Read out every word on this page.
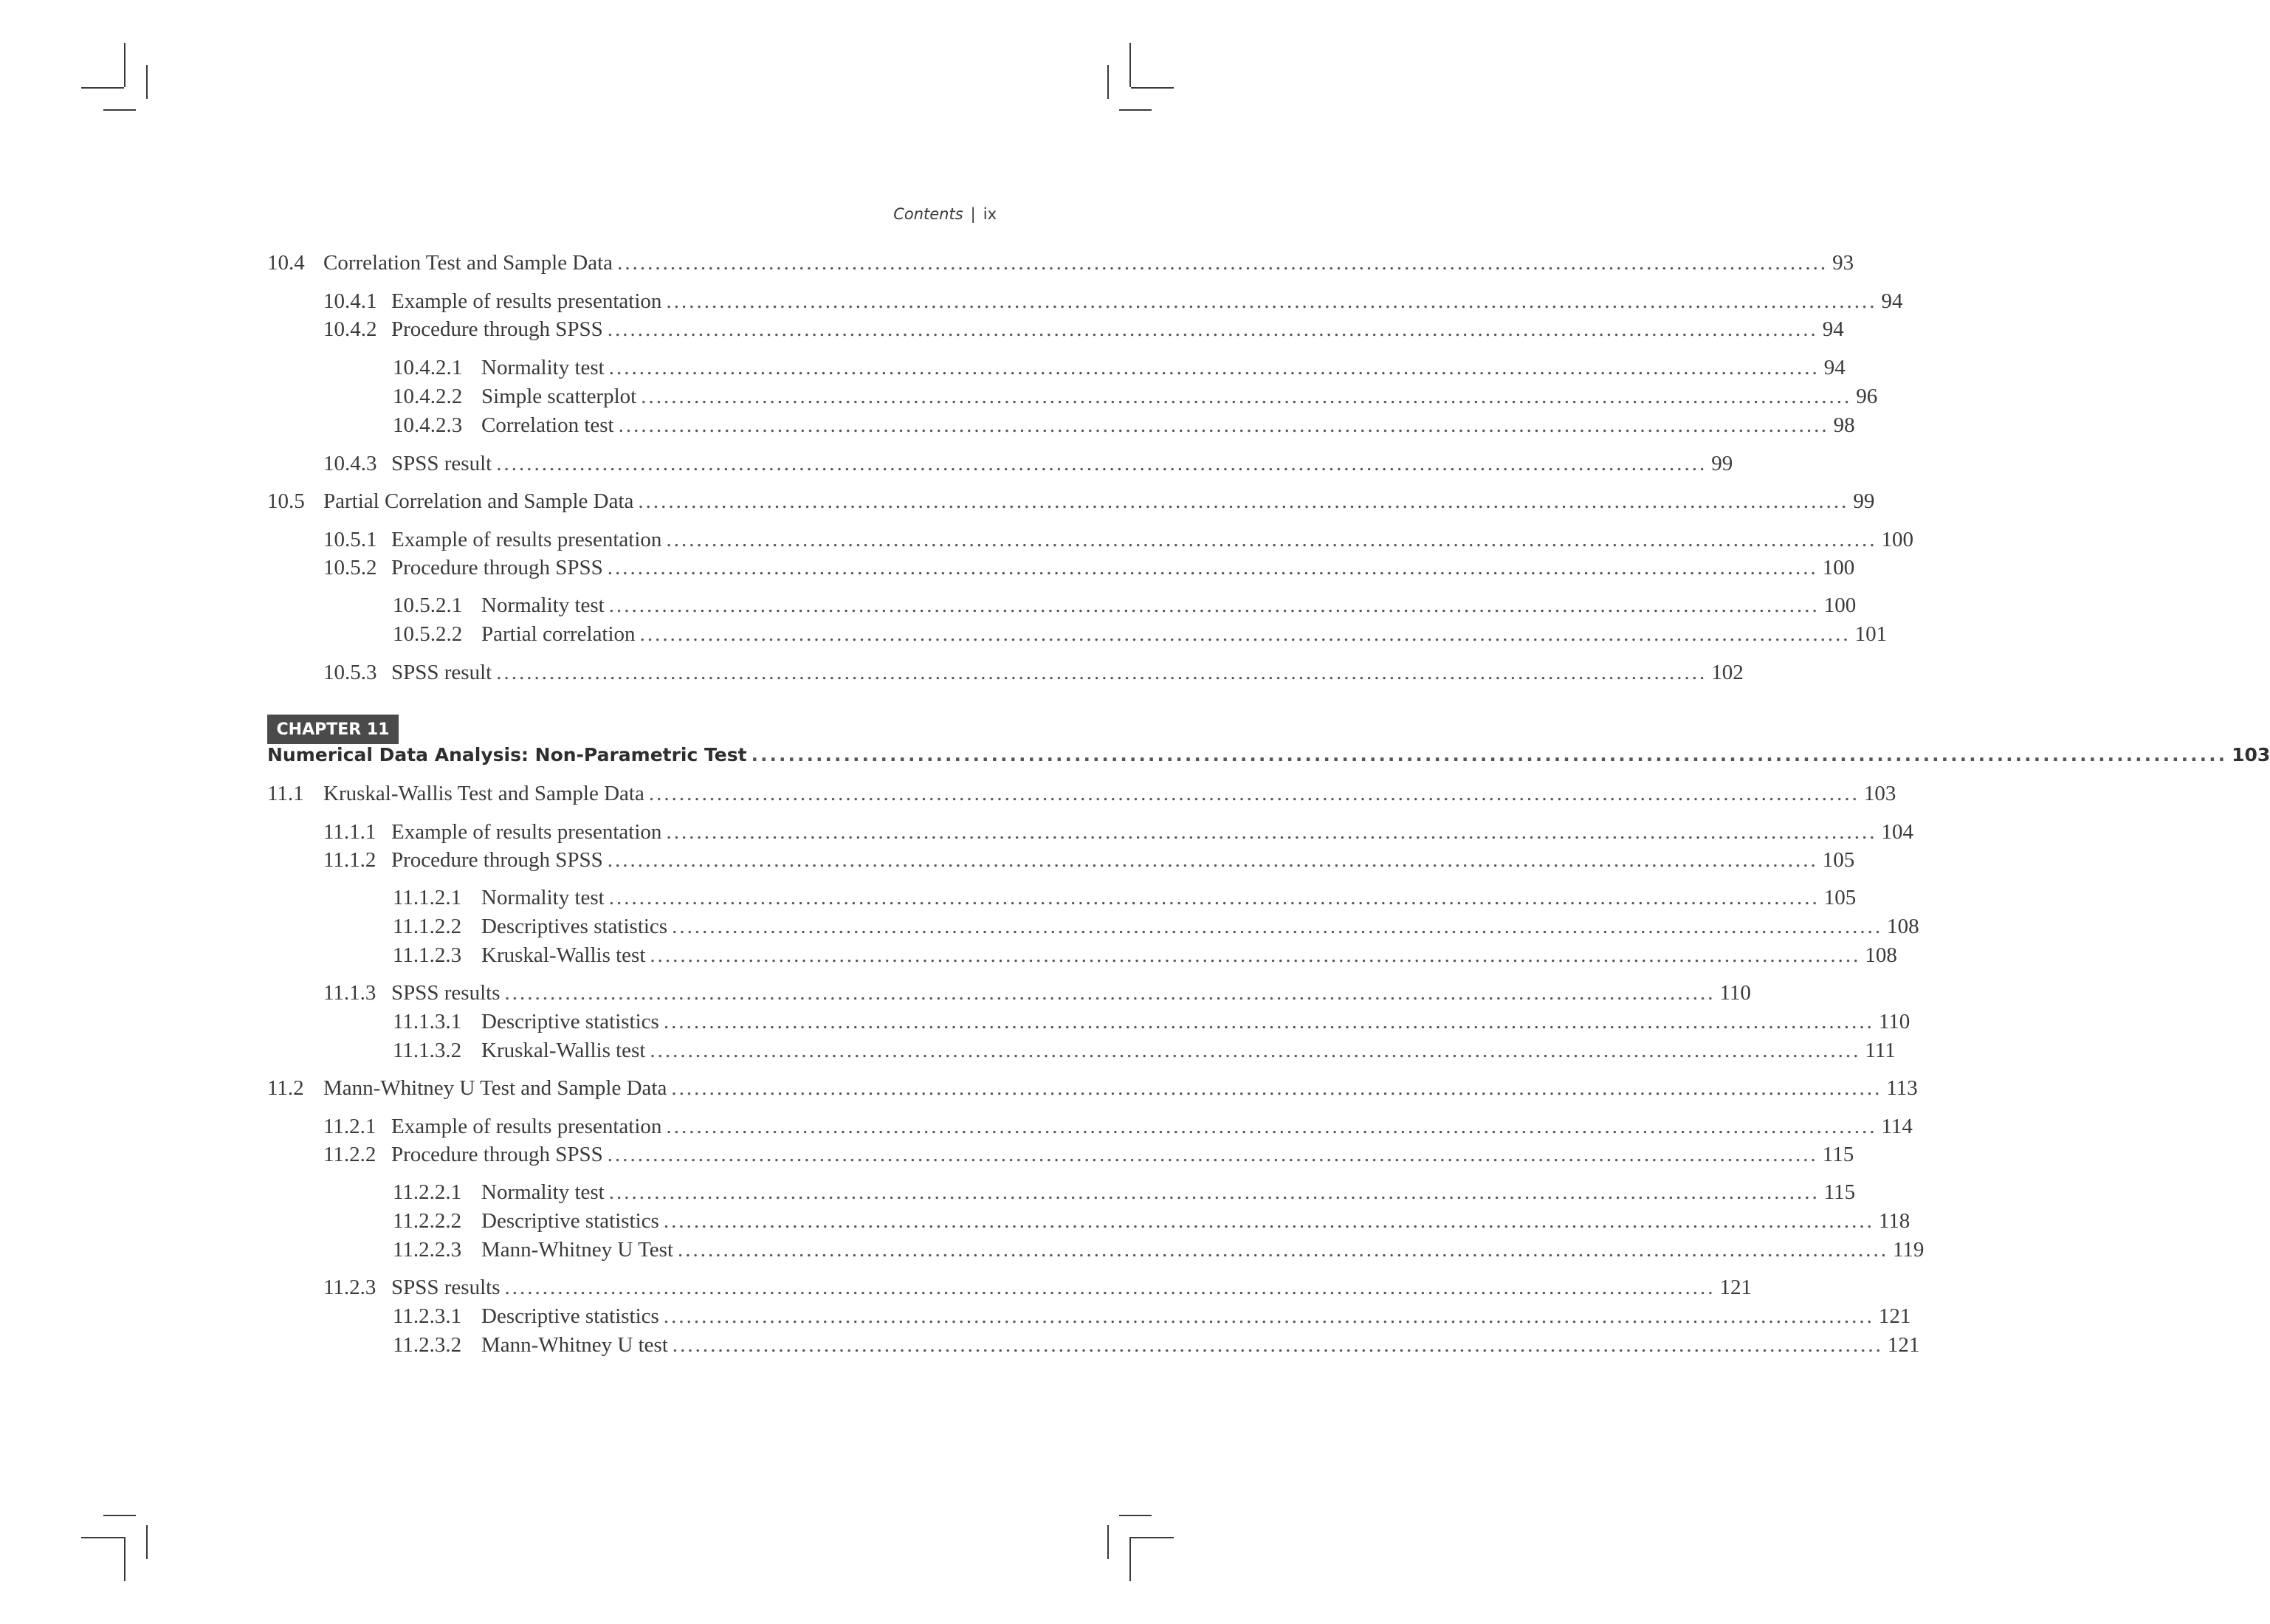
Contents | ix
10.4 Correlation Test and Sample Data ................................................................................................................................................................ 93
10.4.1 Example of results presentation ................................................................................................................................................................ 94
10.4.2 Procedure through SPSS ................................................................................................................................................................ 94
10.4.2.1 Normality test ................................................................................................................................................................ 94
10.4.2.2 Simple scatterplot ................................................................................................................................................................ 96
10.4.2.3 Correlation test ................................................................................................................................................................ 98
10.4.3 SPSS result ................................................................................................................................................................ 99
10.5 Partial Correlation and Sample Data ................................................................................................................................................................ 99
10.5.1 Example of results presentation ................................................................................................................................................................ 100
10.5.2 Procedure through SPSS ................................................................................................................................................................ 100
10.5.2.1 Normality test ................................................................................................................................................................ 100
10.5.2.2 Partial correlation ................................................................................................................................................................ 101
10.5.3 SPSS result ................................................................................................................................................................ 102
CHAPTER 11
Numerical Data Analysis: Non-Parametric Test ................................................................................................................................................................ 103
11.1 Kruskal-Wallis Test and Sample Data ................................................................................................................................................................ 103
11.1.1 Example of results presentation ................................................................................................................................................................ 104
11.1.2 Procedure through SPSS ................................................................................................................................................................ 105
11.1.2.1 Normality test ................................................................................................................................................................ 105
11.1.2.2 Descriptives statistics ................................................................................................................................................................ 108
11.1.2.3 Kruskal-Wallis test ................................................................................................................................................................ 108
11.1.3 SPSS results ................................................................................................................................................................ 110
11.1.3.1 Descriptive statistics ................................................................................................................................................................ 110
11.1.3.2 Kruskal-Wallis test ................................................................................................................................................................ 111
11.2 Mann-Whitney U Test and Sample Data ................................................................................................................................................................ 113
11.2.1 Example of results presentation ................................................................................................................................................................ 114
11.2.2 Procedure through SPSS ................................................................................................................................................................ 115
11.2.2.1 Normality test ................................................................................................................................................................ 115
11.2.2.2 Descriptive statistics ................................................................................................................................................................ 118
11.2.2.3 Mann-Whitney U Test ................................................................................................................................................................ 119
11.2.3 SPSS results ................................................................................................................................................................ 121
11.2.3.1 Descriptive statistics ................................................................................................................................................................ 121
11.2.3.2 Mann-Whitney U test ................................................................................................................................................................ 121
